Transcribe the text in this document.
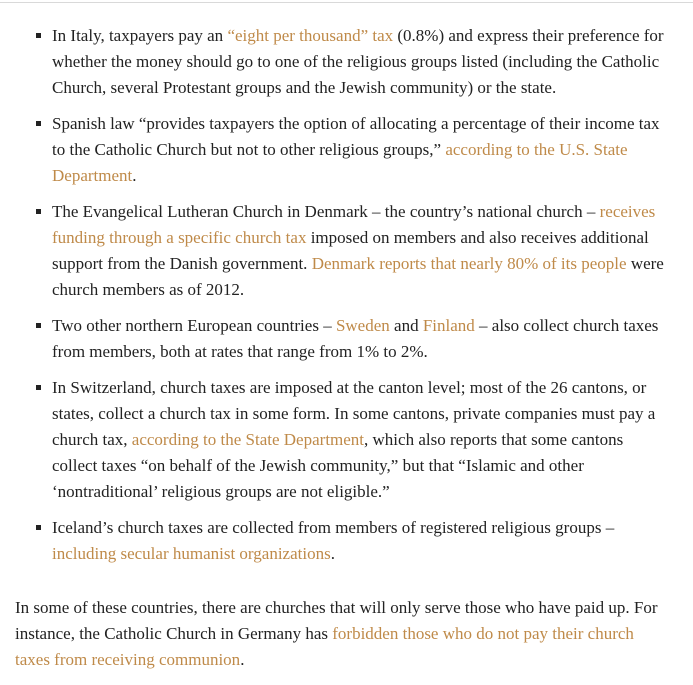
In Italy, taxpayers pay an “eight per thousand” tax (0.8%) and express their preference for whether the money should go to one of the religious groups listed (including the Catholic Church, several Protestant groups and the Jewish community) or the state.
Spanish law “provides taxpayers the option of allocating a percentage of their income tax to the Catholic Church but not to other religious groups,” according to the U.S. State Department.
The Evangelical Lutheran Church in Denmark – the country’s national church – receives funding through a specific church tax imposed on members and also receives additional support from the Danish government. Denmark reports that nearly 80% of its people were church members as of 2012.
Two other northern European countries – Sweden and Finland – also collect church taxes from members, both at rates that range from 1% to 2%.
In Switzerland, church taxes are imposed at the canton level; most of the 26 cantons, or states, collect a church tax in some form. In some cantons, private companies must pay a church tax, according to the State Department, which also reports that some cantons collect taxes “on behalf of the Jewish community,” but that “Islamic and other ‘nontraditional’ religious groups are not eligible.”
Iceland’s church taxes are collected from members of registered religious groups – including secular humanist organizations.

In some of these countries, there are churches that will only serve those who have paid up. For instance, the Catholic Church in Germany has forbidden those who do not pay their church taxes from receiving communion.
